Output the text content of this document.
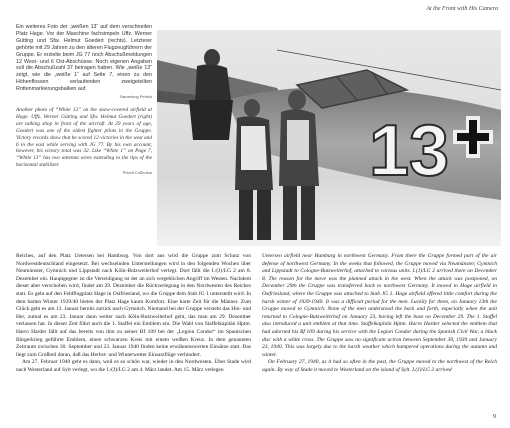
At the Front with His Camera

Ein weiteres Foto der „weißen 13“ auf dem verschneiten Platz Hage. Vor der Maschine fachsimpeln Uffz. Werner Gütting und Sfw. Helmut Goedert (rechts). Letzterer gehörte mit 29 Jahren zu den älteren Flugzeugführern der Gruppe. Er erzielte beim JG 77 noch Abschußmeldungen 12 West- und 6 Ost-Abschüsse. Noch eigenen Angaben soll die Abschußzahl 37 betragen haben. Wie „weiße 13“ zeigt, wie die „weiße 1“ auf Seite 7, einen zu den Höhenflossen verlaufenden zweigeteilten Rottenmarkierungsbalken auf.
Sammlung Petrick

Another photo of “White 13” on the snow-covered airfield at Hage. Uffz. Werner Gütting and Sfw. Helmut Goedert (right) are talking shop in front of the aircraft. At 29 years of age, Goedert was one of the oldest fighter pilots in the Gruppe. Victory records show that he scored 12 victories in the west and 6 in the east while serving with JG 77. By his own account, however, his victory total was 32. Like “White 1” on Page 7, “White 13” has two antenna wires extending to the tips of the horizontal stabilizer.
Petrick Collection	13

Reiches, auf den Platz Uetersen bei Hamburg. Von dort aus wird die Gruppe zum Schutz von Nordwestdeutschland eingesetzt. Bei wechselnden Unterstellungen wird in den folgenden Wochen über Neumünster, Gymnich und Lippstadt nach Köln-Butzweilerhof verlegt. Dort fällt die I./(J)/LG 2 am 8. Dezember ein. Hauptgegner ist die Verteidigung ist der an sich vergeblichen Angriff im Westen. Nachdem dieser aber verschoben wird, findet am 29. Dezember die Rückverlegung in den Nordwesten des Reiches statt. Es geht auf den Feldflugplatz Hage in Ostfriesland, wo die Gruppe dem Stab JG 1 unterstellt wird. In dem harten Winter 1939/40 bieten der Platz Hage kaum Komfort. Eine harte Zeit für die Männer. Zum Glück geht es am 13. Januar bereits zurück nach Gymnich. Niemand bei der Gruppe versteht das Hin- und Her, zumal es am 23. Januar dann weiter nach Köln-Butzweilerhof geht, das man am 29. Dezember verlassen hat. In dieser Zeit führt auch die 1. Staffel ein Emblem ein. Die Wahl von Staffelkapitän Hptm. Harro Harder fällt auf das bereits von ihm zu seiner Bf 109 bei der „Legion Condor“ im Spanischen Bürgerkrieg geführte Emblem, einen schwarzen Kreis mit einem weißen Kreuz. In dem genannten Zeitraum zwischen 30. September und 23. Januar 1940 finden keine erwähnenswerten Einsätze statt. Das liegt zum Großteil daran, daß das Herbst- und Winterwetter Einsatzflüge verhindert.

Am 27. Februar 1940 geht es dann, weil es so schön war, wieder in den Nordwesten. Über Stade wird nach Westerland auf Sylt verlegt, wo die I./(J)/LG 2 am 4. März landet. Am 15. März verlegen

Uetersen airfield near Hamburg in northwest Germany. From there the Gruppe formed part of the air defense of northwest Germany. In the weeks that followed, the Gruppe moved via Neumünster, Gymnich and Lippstadt to Cologne-Butzweilerhof, attached to various units. I.(J)/LG 2 arrived there on December 8. The reason for the move was the planned attack in the west. When the attack was postponed, on December 29th the Gruppe was transferred back to northwest Germany. It moved to Hage airfield in Ostfriesland, where the Gruppe was attached to Stab JG 1. Hage airfield offered little comfort during the harsh winter of 1939-1940. It was a difficult period for the men. Luckily for them, on January 13th the Gruppe moved to Gymnich. None of the men understood the back and forth, especially when the unit returned to Cologne-Butzweilerhof on January 23, having left the base on December 29. The 1. Staffel also introduced a unit emblem at that time. Staffelkapitän Hptm. Harro Harder selected the emblem that had adorned his Bf 109 during his service with the Legion Condor during the Spanish Civil War, a black disc with a white cross. The Gruppe saw no significant action between September 30, 1939 and January 23, 1940. This was largely due to the harsh weather which hampered operations during the autumn and winter.

On February 27, 1940, as it had so often in the past, the Gruppe moved to the northwest of the Reich again. By way of Stade it moved to Westerland on the island of Sylt. I.(J)/LG 2 arrived

9
